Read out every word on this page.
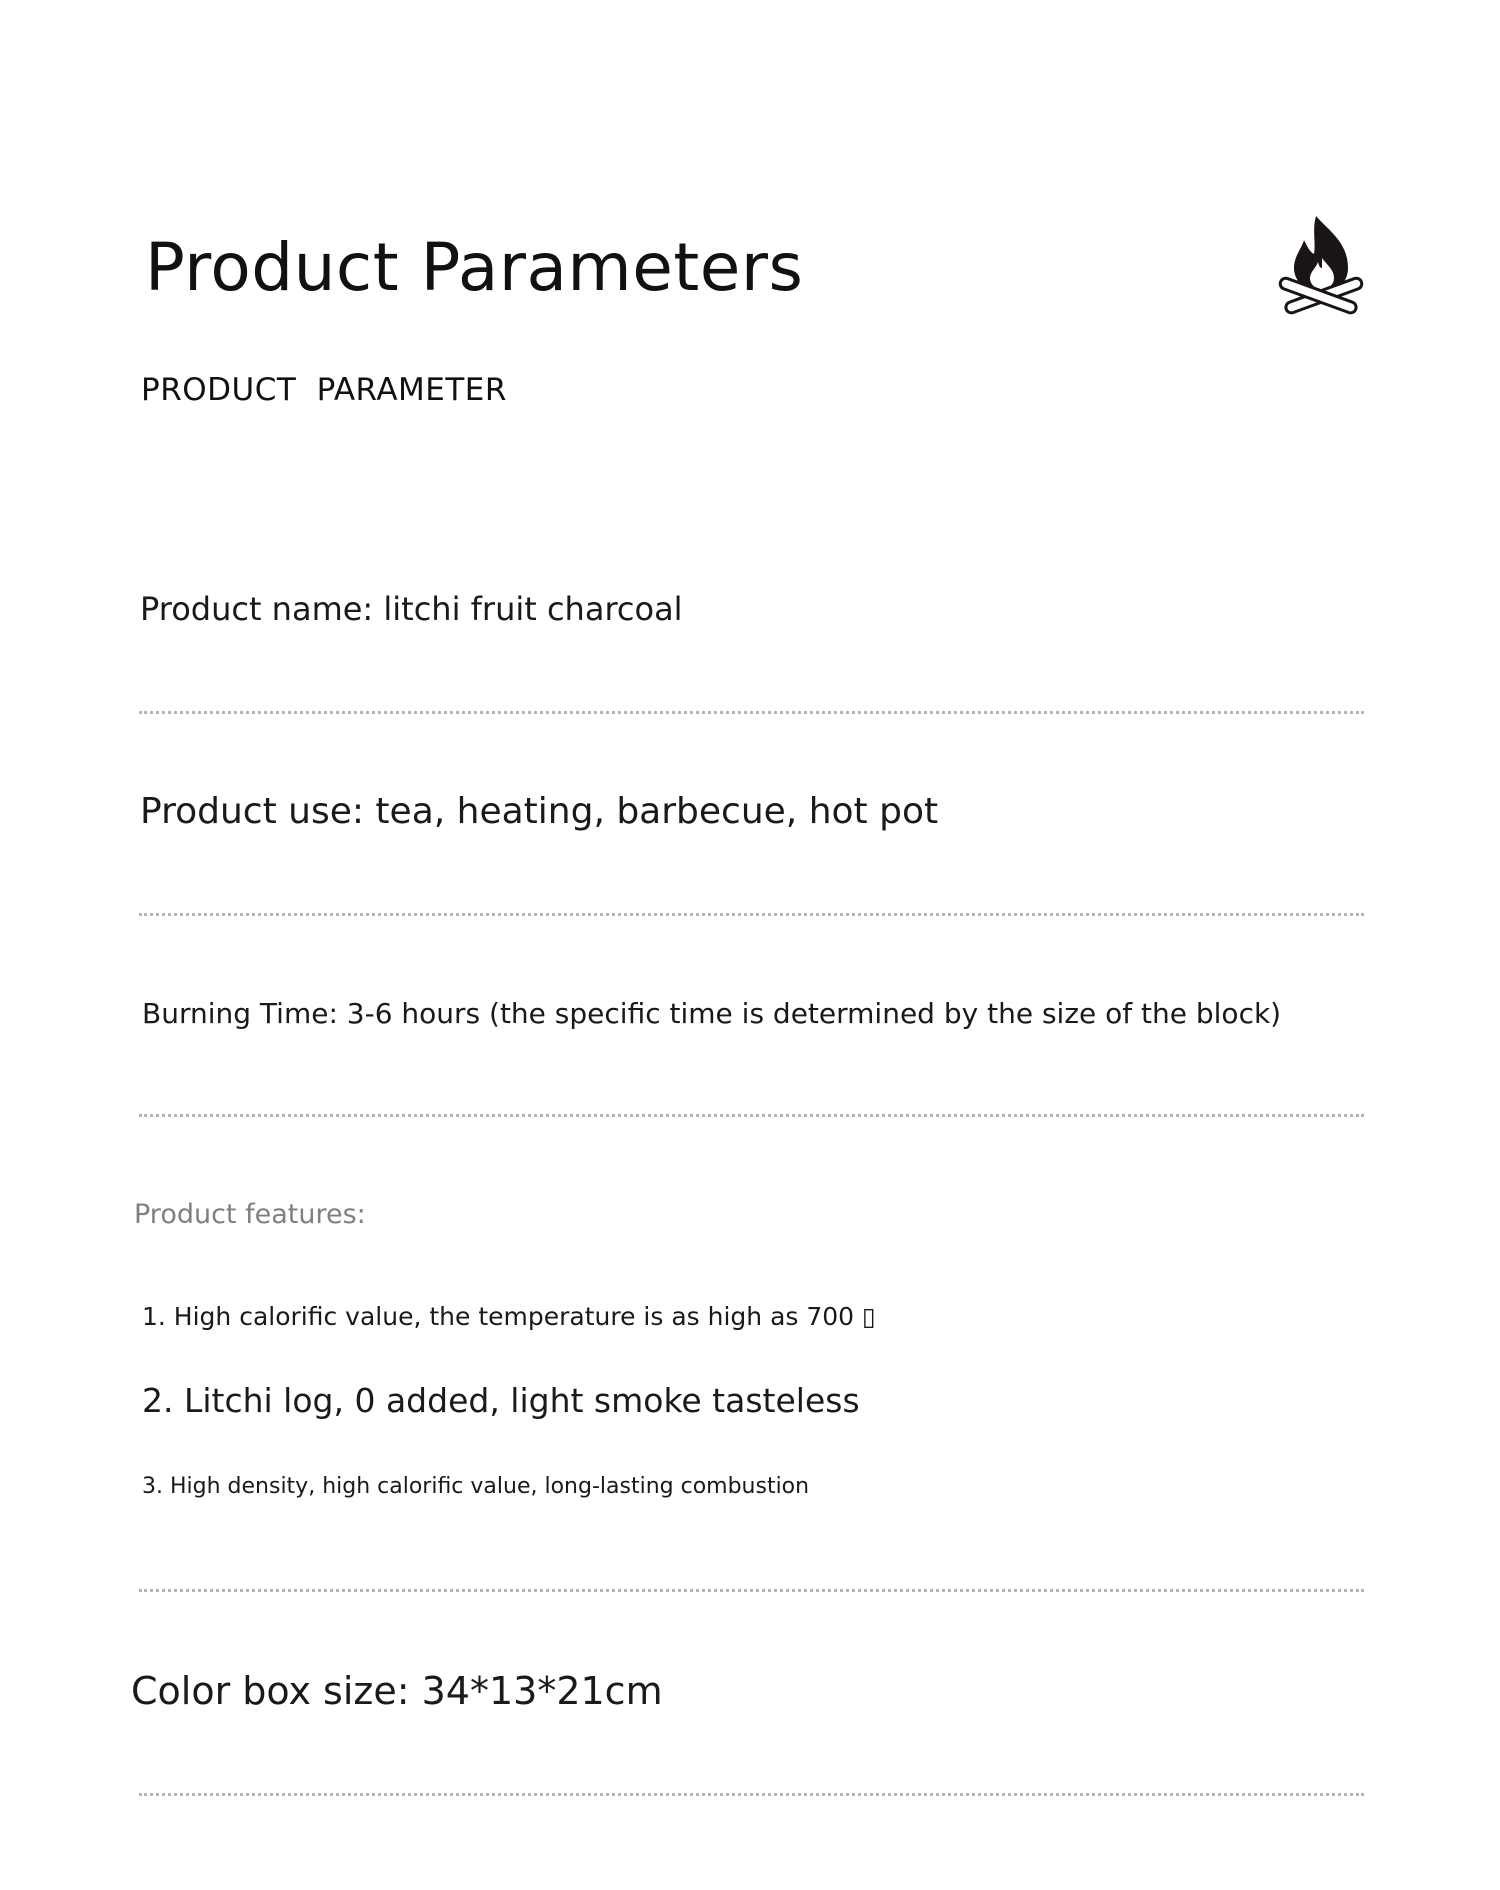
Product Parameters
PRODUCT PARAMETER
Product name: litchi fruit charcoal
Product use: tea, heating, barbecue, hot pot
Burning Time: 3-6 hours (the specific time is determined by the size of the block)
Product features:
1. High calorific value, the temperature is as high as 700 ▯
2. Litchi log, 0 added, light smoke tasteless
3. High density, high calorific value, long-lasting combustion
Color box size: 34*13*21cm
